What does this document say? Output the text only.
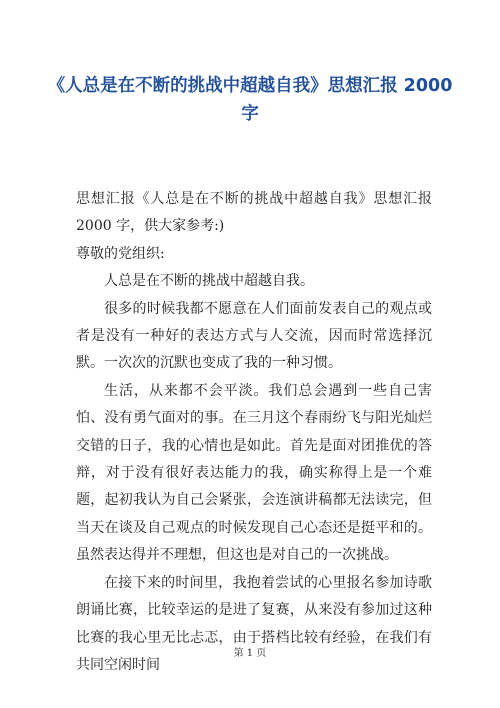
《人总是在不断的挑战中超越自我》思想汇报 2000字

思想汇报《人总是在不断的挑战中超越自我》思想汇报 2000 字，供大家参考:)

尊敬的党组织:

人总是在不断的挑战中超越自我。

很多的时候我都不愿意在人们面前发表自己的观点或者是没有一种好的表达方式与人交流，因而时常选择沉默。一次次的沉默也变成了我的一种习惯。

生活，从来都不会平淡。我们总会遇到一些自己害怕、没有勇气面对的事。在三月这个春雨纷飞与阳光灿烂交错的日子，我的心情也是如此。首先是面对团推优的答辩，对于没有很好表达能力的我，确实称得上是一个难题，起初我认为自己会紧张，会连演讲稿都无法读完，但当天在谈及自己观点的时候发现自己心态还是挺平和的。虽然表达得并不理想，但这也是对自己的一次挑战。

在接下来的时间里，我抱着尝试的心里报名参加诗歌朗诵比赛，比较幸运的是进了复赛，从来没有参加过这种比赛的我心里无比忐忑，由于搭档比较有经验，在我们有共同空闲时间

第 1 页
